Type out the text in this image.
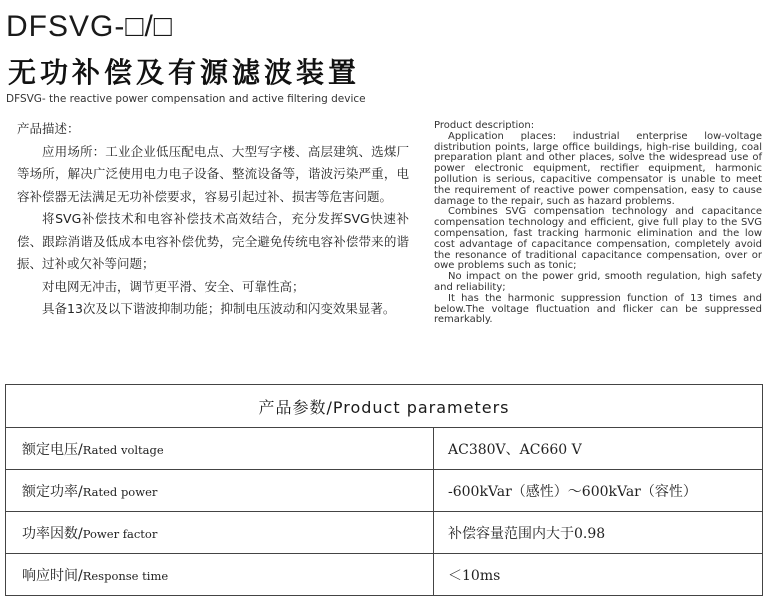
DFSVG-□/□
无功补偿及有源滤波装置
DFSVG- the reactive power compensation and active filtering device

产品描述：

应用场所：工业企业低压配电点、大型写字楼、高层建筑、选煤厂等场所，解决广泛使用电力电子设备、整流设备等，谐波污染严重，电容补偿器无法满足无功补偿要求，容易引起过补、损害等危害问题。

将SVG补偿技术和电容补偿技术高效结合，充分发挥SVG快速补偿、跟踪消谐及低成本电容补偿优势，完全避免传统电容补偿带来的谐振、过补或欠补等问题；

对电网无冲击，调节更平滑、安全、可靠性高；

具备13次及以下谐波抑制功能；抑制电压波动和闪变效果显著。

Product description:

Application places: industrial enterprise low-voltage distribution points, large office buildings, high-rise building, coal preparation plant and other places, solve the widespread use of power electronic equipment, rectifier equipment, harmonic pollution is serious, capacitive compensator is unable to meet the requirement of reactive power compensation, easy to cause damage to the repair, such as hazard problems.

Combines SVG compensation technology and capacitance compensation technology and efficient, give full play to the SVG compensation, fast tracking harmonic elimination and the low cost advantage of capacitance compensation, completely avoid the resonance of traditional capacitance compensation, over or owe problems such as tonic;

No impact on the power grid, smooth regulation, high safety and reliability;

It has the harmonic suppression function of 13 times and below.The voltage fluctuation and flicker can be suppressed remarkably.

产品参数/Product parameters	
额定电压/Rated voltage	AC380V、AC660 V
额定功率/Rated power	-600kVar（感性）～600kVar（容性）
功率因数/Power factor	补偿容量范围内大于0.98
响应时间/Response time	＜10ms
